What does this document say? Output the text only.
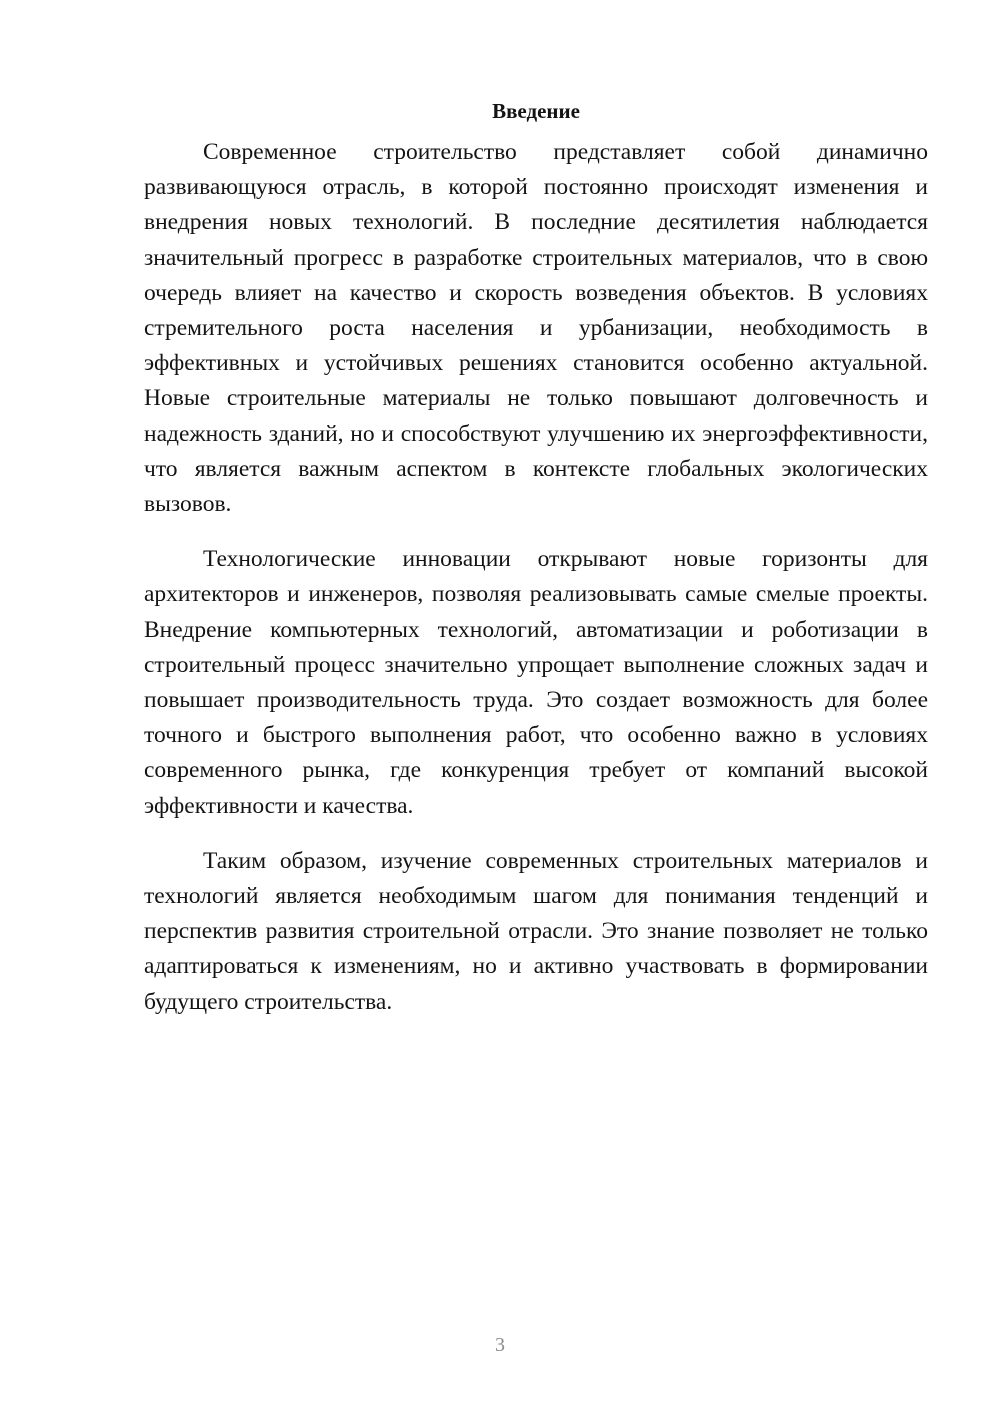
Введение

Современное строительство представляет собой динамично развивающуюся отрасль, в которой постоянно происходят изменения и внедрения новых технологий. В последние десятилетия наблюдается значительный прогресс в разработке строительных материалов, что в свою очередь влияет на качество и скорость возведения объектов. В условиях стремительного роста населения и урбанизации, необходимость в эффективных и устойчивых решениях становится особенно актуальной. Новые строительные материалы не только повышают долговечность и надежность зданий, но и способствуют улучшению их энергоэффективности, что является важным аспектом в контексте глобальных экологических вызовов.

Технологические инновации открывают новые горизонты для архитекторов и инженеров, позволяя реализовывать самые смелые проекты. Внедрение компьютерных технологий, автоматизации и роботизации в строительный процесс значительно упрощает выполнение сложных задач и повышает производительность труда. Это создает возможность для более точного и быстрого выполнения работ, что особенно важно в условиях современного рынка, где конкуренция требует от компаний высокой эффективности и качества.

Таким образом, изучение современных строительных материалов и технологий является необходимым шагом для понимания тенденций и перспектив развития строительной отрасли. Это знание позволяет не только адаптироваться к изменениям, но и активно участвовать в формировании будущего строительства.

3
